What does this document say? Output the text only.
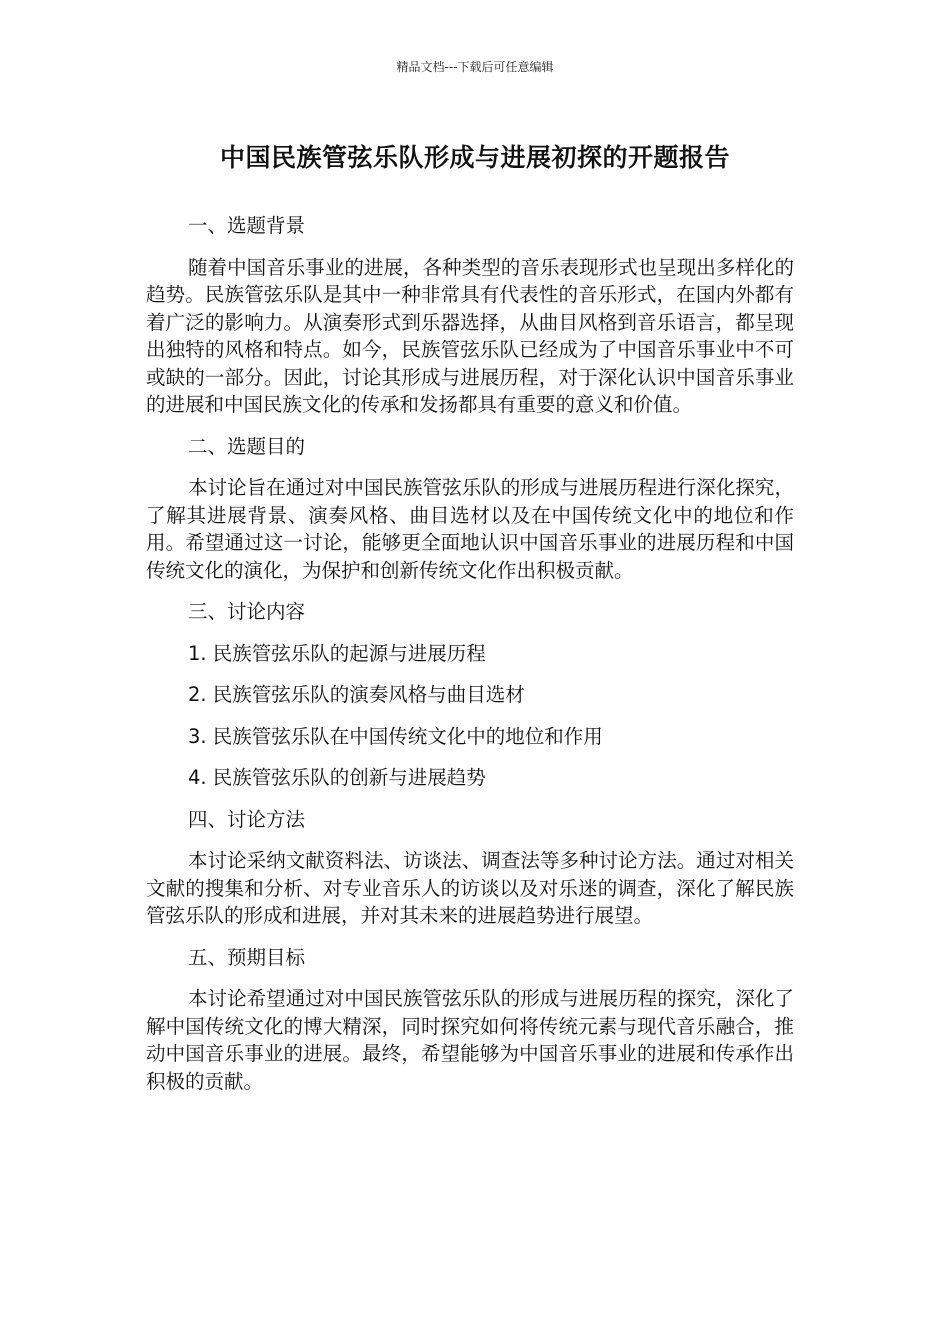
精品文档---下载后可任意编辑
中国民族管弦乐队形成与进展初探的开题报告

一、选题背景

随着中国音乐事业的进展，各种类型的音乐表现形式也呈现出多样化的趋势。民族管弦乐队是其中一种非常具有代表性的音乐形式，在国内外都有着广泛的影响力。从演奏形式到乐器选择，从曲目风格到音乐语言，都呈现出独特的风格和特点。如今，民族管弦乐队已经成为了中国音乐事业中不可或缺的一部分。因此，讨论其形成与进展历程，对于深化认识中国音乐事业的进展和中国民族文化的传承和发扬都具有重要的意义和价值。

二、选题目的

本讨论旨在通过对中国民族管弦乐队的形成与进展历程进行深化探究，了解其进展背景、演奏风格、曲目选材以及在中国传统文化中的地位和作用。希望通过这一讨论，能够更全面地认识中国音乐事业的进展历程和中国传统文化的演化，为保护和创新传统文化作出积极贡献。

三、讨论内容

1. 民族管弦乐队的起源与进展历程

2. 民族管弦乐队的演奏风格与曲目选材

3. 民族管弦乐队在中国传统文化中的地位和作用

4. 民族管弦乐队的创新与进展趋势

四、讨论方法

本讨论采纳文献资料法、访谈法、调查法等多种讨论方法。通过对相关文献的搜集和分析、对专业音乐人的访谈以及对乐迷的调查，深化了解民族管弦乐队的形成和进展，并对其未来的进展趋势进行展望。

五、预期目标

本讨论希望通过对中国民族管弦乐队的形成与进展历程的探究，深化了解中国传统文化的博大精深，同时探究如何将传统元素与现代音乐融合，推动中国音乐事业的进展。最终，希望能够为中国音乐事业的进展和传承作出积极的贡献。
